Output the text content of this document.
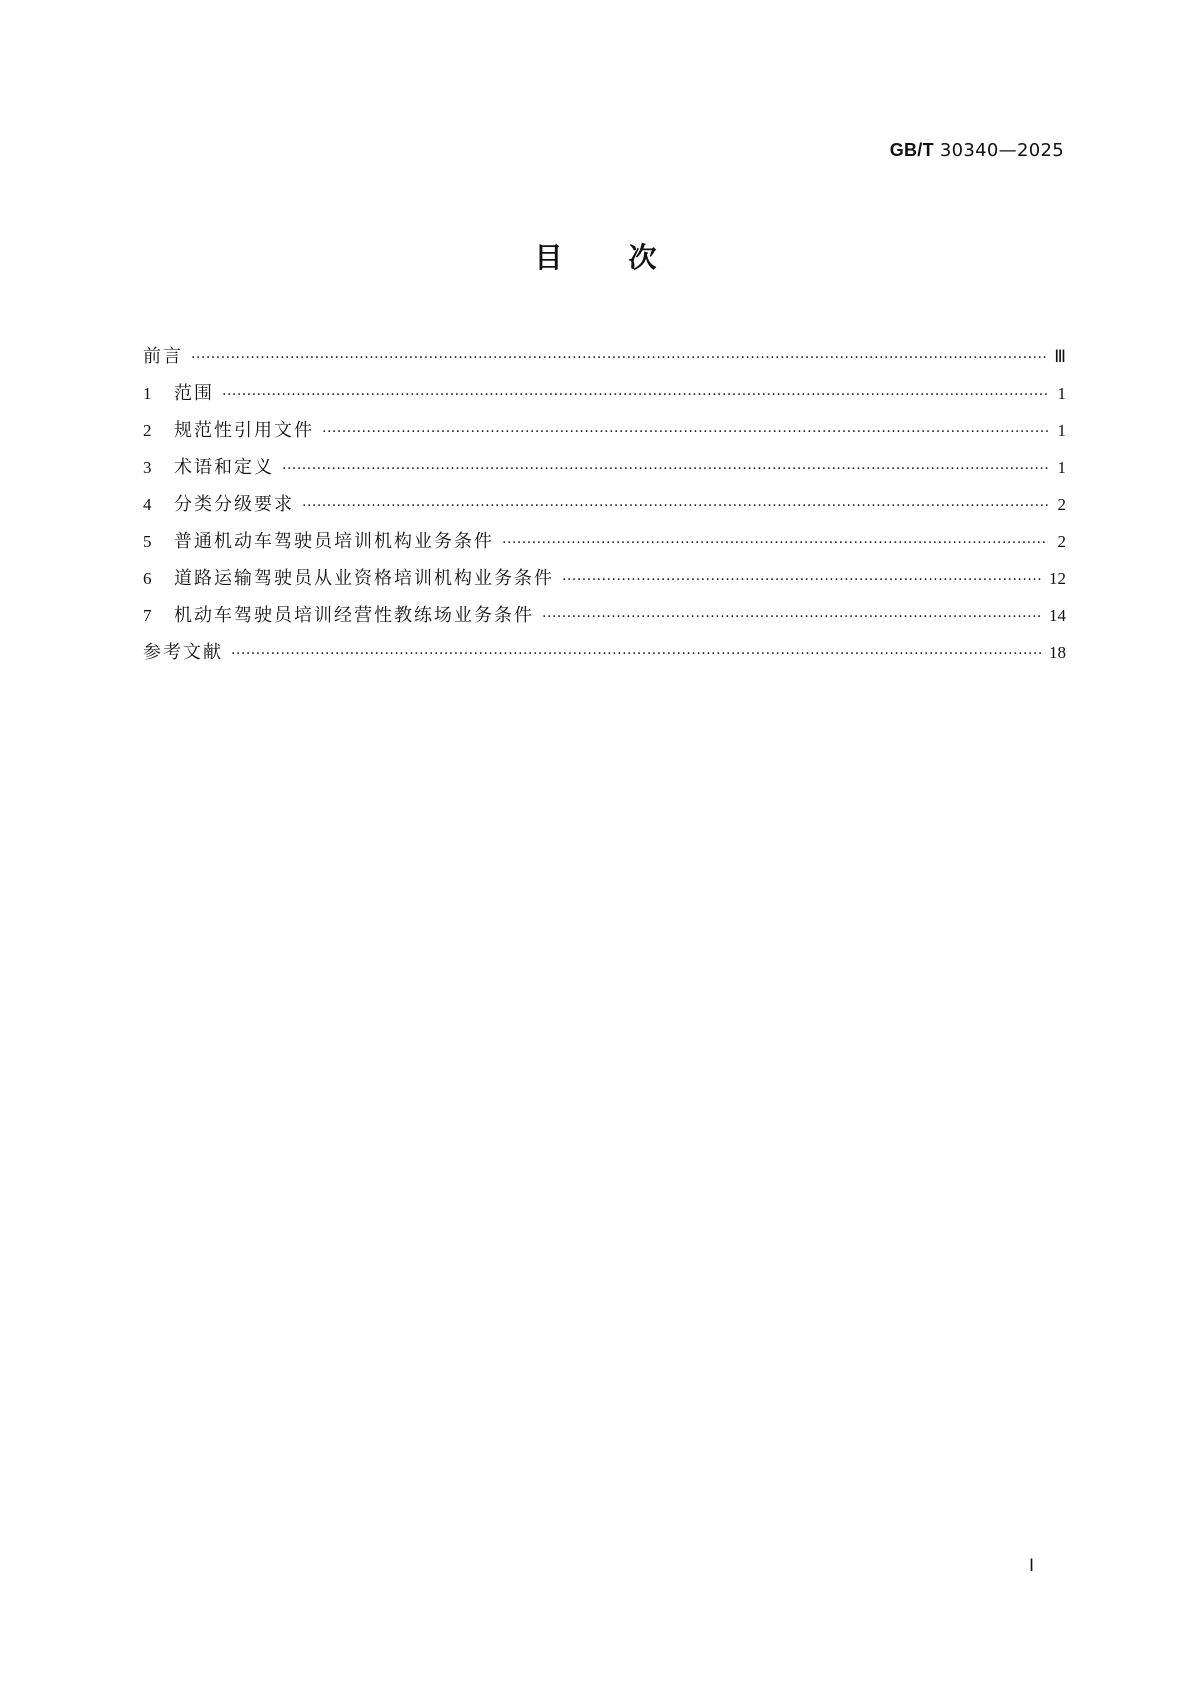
GB/T 30340—2025
目次
前言 ·····	Ⅲ
1	范围 ·····	1
2	规范性引用文件 ·····	1
3	术语和定义 ·····	1
4	分类分级要求 ·····	2
5	普通机动车驾驶员培训机构业务条件 ·····	2
6	道路运输驾驶员从业资格培训机构业务条件 ·····	12
7	机动车驾驶员培训经营性教练场业务条件 ·····	14
参考文献 ·····	18
Ⅰ
